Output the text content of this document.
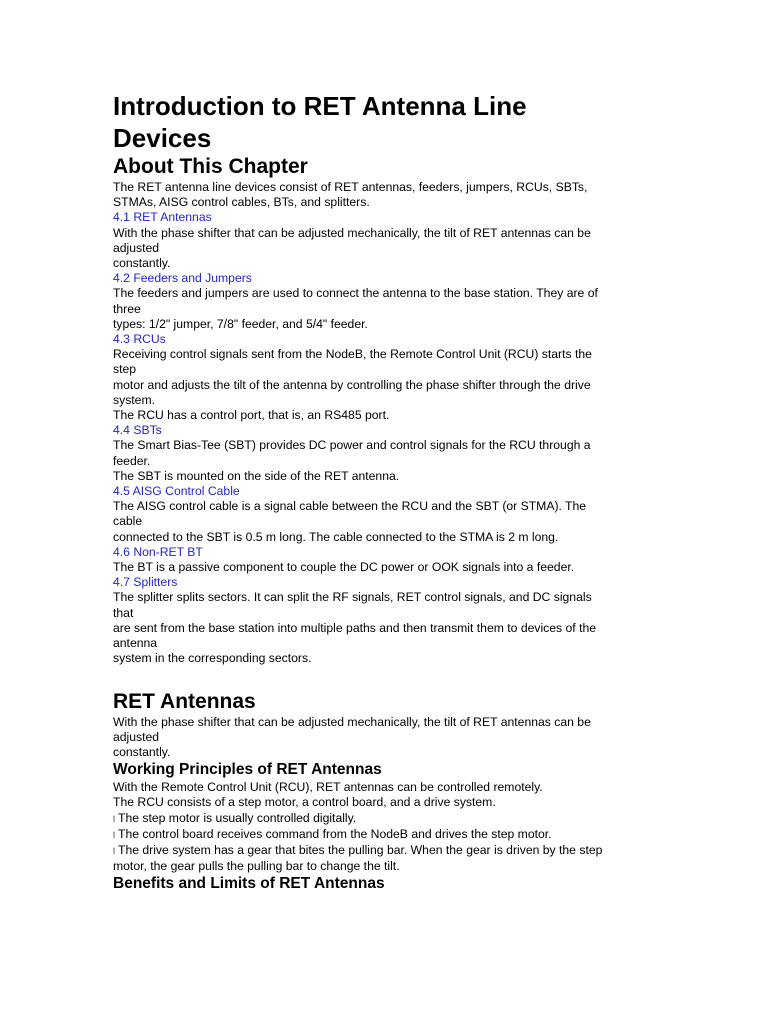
Introduction to RET Antenna Line
Devices
About This Chapter
The RET antenna line devices consist of RET antennas, feeders, jumpers, RCUs, SBTs,
STMAs, AISG control cables, BTs, and splitters.
4.1 RET Antennas
With the phase shifter that can be adjusted mechanically, the tilt of RET antennas can be
adjusted
constantly.
4.2 Feeders and Jumpers
The feeders and jumpers are used to connect the antenna to the base station. They are of
three
types: 1/2" jumper, 7/8" feeder, and 5/4" feeder.
4.3 RCUs
Receiving control signals sent from the NodeB, the Remote Control Unit (RCU) starts the
step
motor and adjusts the tilt of the antenna by controlling the phase shifter through the drive
system.
The RCU has a control port, that is, an RS485 port.
4.4 SBTs
The Smart Bias-Tee (SBT) provides DC power and control signals for the RCU through a
feeder.
The SBT is mounted on the side of the RET antenna.
4.5 AISG Control Cable
The AISG control cable is a signal cable between the RCU and the SBT (or STMA). The
cable
connected to the SBT is 0.5 m long. The cable connected to the STMA is 2 m long.
4.6 Non-RET BT
The BT is a passive component to couple the DC power or OOK signals into a feeder.
4.7 Splitters
The splitter splits sectors. It can split the RF signals, RET control signals, and DC signals
that
are sent from the base station into multiple paths and then transmit them to devices of the
antenna
system in the corresponding sectors.
RET Antennas
With the phase shifter that can be adjusted mechanically, the tilt of RET antennas can be
adjusted
constantly.
Working Principles of RET Antennas
With the Remote Control Unit (RCU), RET antennas can be controlled remotely.
The RCU consists of a step motor, a control board, and a drive system.
l The step motor is usually controlled digitally.
l The control board receives command from the NodeB and drives the step motor.
l The drive system has a gear that bites the pulling bar. When the gear is driven by the step
motor, the gear pulls the pulling bar to change the tilt.
Benefits and Limits of RET Antennas
